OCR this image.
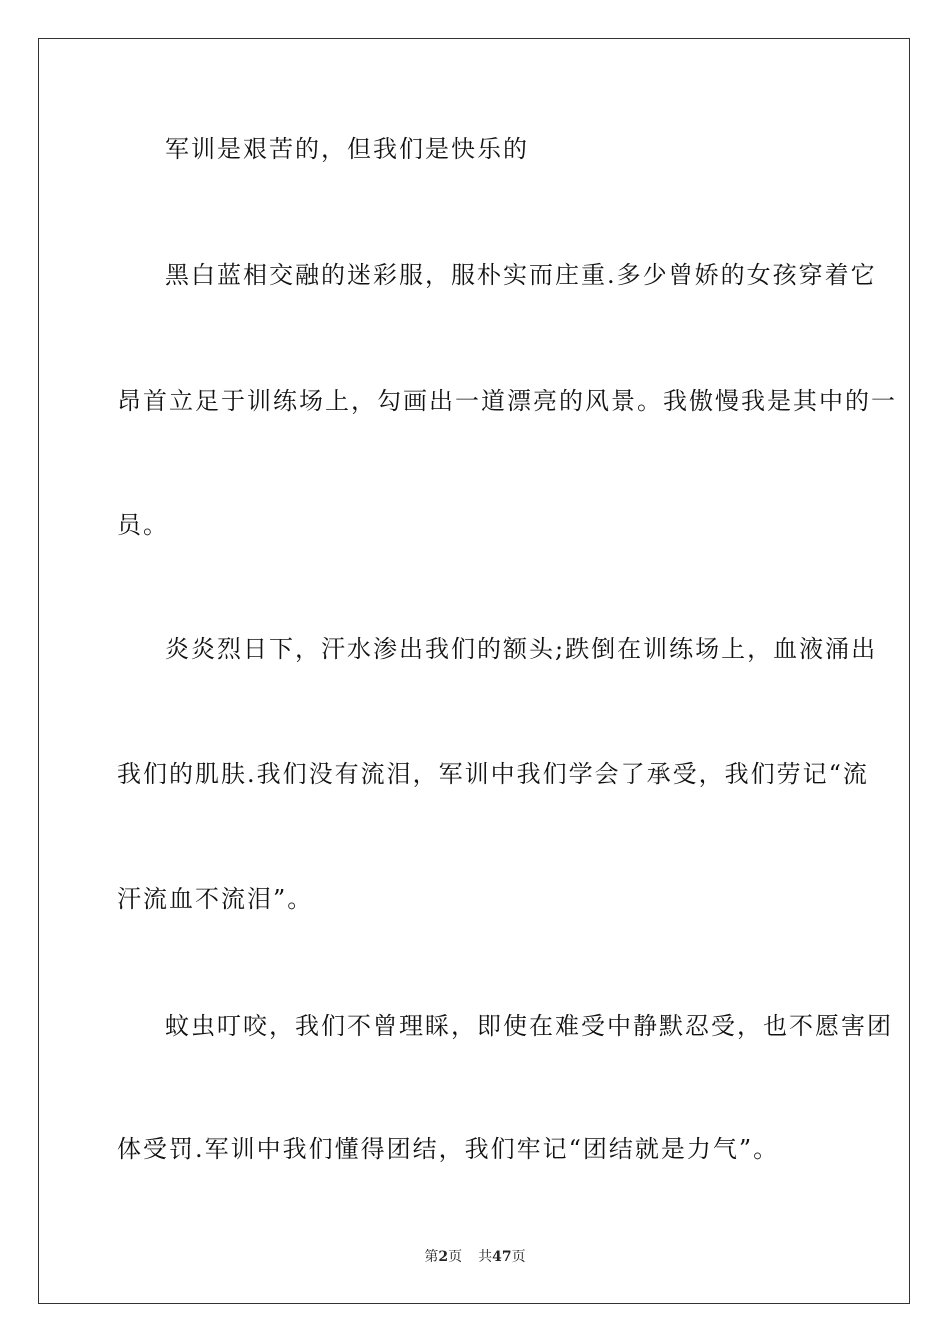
军训是艰苦的，但我们是快乐的
黑白蓝相交融的迷彩服，服朴实而庄重.多少曾娇的女孩穿着它
昂首立足于训练场上，勾画出一道漂亮的风景。我傲慢我是其中的一
员。
炎炎烈日下，汗水渗出我们的额头;跌倒在训练场上，血液涌出
我们的肌肤.我们没有流泪，军训中我们学会了承受，我们劳记“流
汗流血不流泪”。
蚊虫叮咬，我们不曾理睬，即使在难受中静默忍受，也不愿害团
体受罚.军训中我们懂得团结，我们牢记“团结就是力气”。
第2页 共47页
